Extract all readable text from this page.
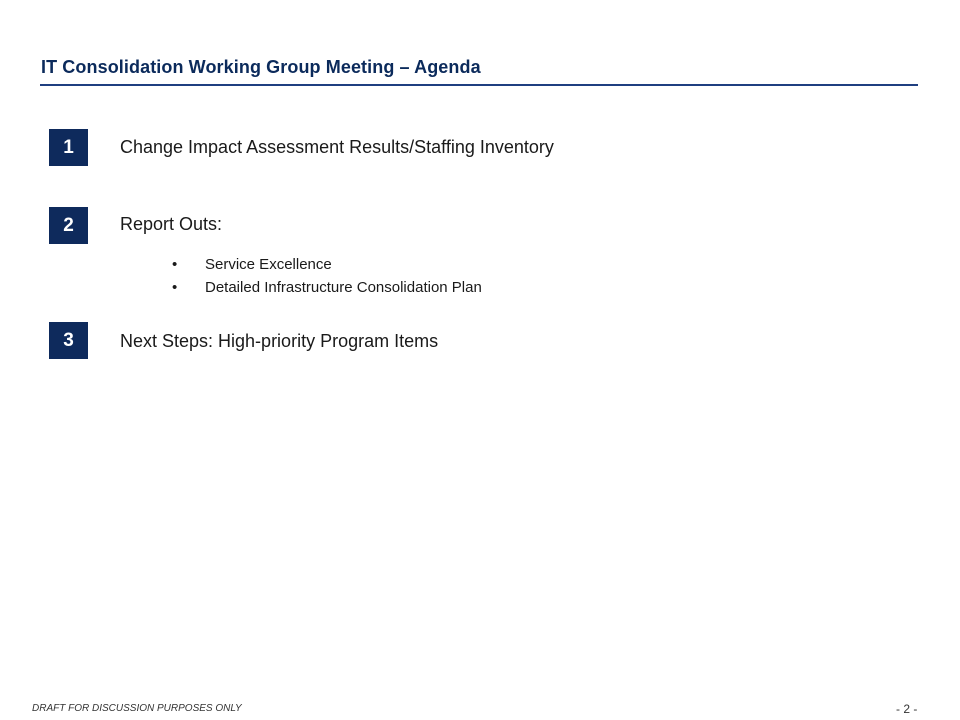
IT Consolidation Working Group Meeting – Agenda
1	Change Impact Assessment Results/Staffing Inventory
2	Report Outs:
• Service Excellence
• Detailed Infrastructure Consolidation Plan
3	Next Steps: High-priority Program Items
DRAFT FOR DISCUSSION PURPOSES ONLY	- 2 -
